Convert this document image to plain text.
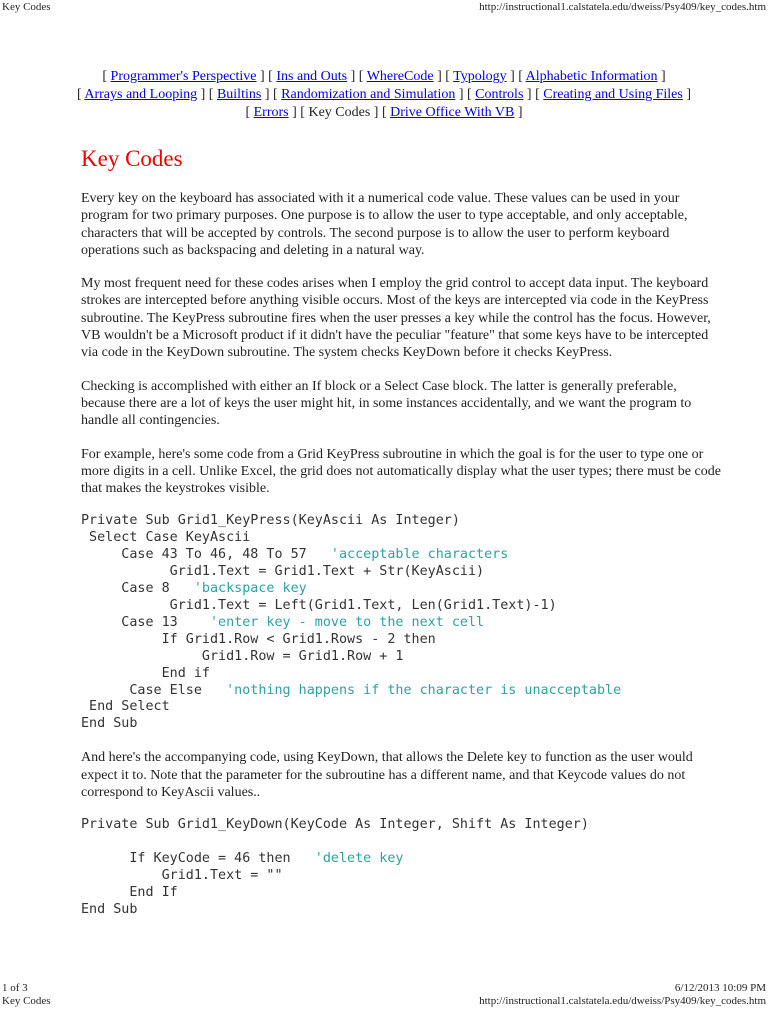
Key Codes	http://instructional1.calstatela.edu/dweiss/Psy409/key_codes.htm
[ Programmer's Perspective ] [ Ins and Outs ] [ WhereCode ] [ Typology ] [ Alphabetic Information ]
[ Arrays and Looping ] [ Builtins ] [ Randomization and Simulation ] [ Controls ] [ Creating and Using Files ]
[ Errors ] [ Key Codes ] [ Drive Office With VB ]
Key Codes

Every key on the keyboard has associated with it a numerical code value. These values can be used in your program for two primary purposes. One purpose is to allow the user to type acceptable, and only acceptable, characters that will be accepted by controls. The second purpose is to allow the user to perform keyboard operations such as backspacing and deleting in a natural way.

My most frequent need for these codes arises when I employ the grid control to accept data input. The keyboard strokes are intercepted before anything visible occurs. Most of the keys are intercepted via code in the KeyPress subroutine. The KeyPress subroutine fires when the user presses a key while the control has the focus. However, VB wouldn't be a Microsoft product if it didn't have the peculiar "feature" that some keys have to be intercepted via code in the KeyDown subroutine. The system checks KeyDown before it checks KeyPress.

Checking is accomplished with either an If block or a Select Case block. The latter is generally preferable, because there are a lot of keys the user might hit, in some instances accidentally, and we want the program to handle all contingencies.

For example, here's some code from a Grid KeyPress subroutine in which the goal is for the user to type one or more digits in a cell. Unlike Excel, the grid does not automatically display what the user types; there must be code that makes the keystrokes visible.

Private Sub Grid1_KeyPress(KeyAscii As Integer)
Select Case KeyAscii
Case 43 To 46, 48 To 57   'acceptable characters
Grid1.Text = Grid1.Text + Str(KeyAscii)
Case 8   'backspace key
Grid1.Text = Left(Grid1.Text, Len(Grid1.Text)-1)
Case 13    'enter key - move to the next cell
If Grid1.Row < Grid1.Rows - 2 then
Grid1.Row = Grid1.Row + 1
End if
Case Else   'nothing happens if the character is unacceptable
End Select
End Sub

And here's the accompanying code, using KeyDown, that allows the Delete key to function as the user would expect it to. Note that the parameter for the subroutine has a different name, and that Keycode values do not correspond to KeyAscii values..

Private Sub Grid1_KeyDown(KeyCode As Integer, Shift As Integer)
If KeyCode = 46 then   'delete key
Grid1.Text = ""
End If
End Sub
1 of 3	6/12/2013 10:09 PM
Key Codes	http://instructional1.calstatela.edu/dweiss/Psy409/key_codes.htm
